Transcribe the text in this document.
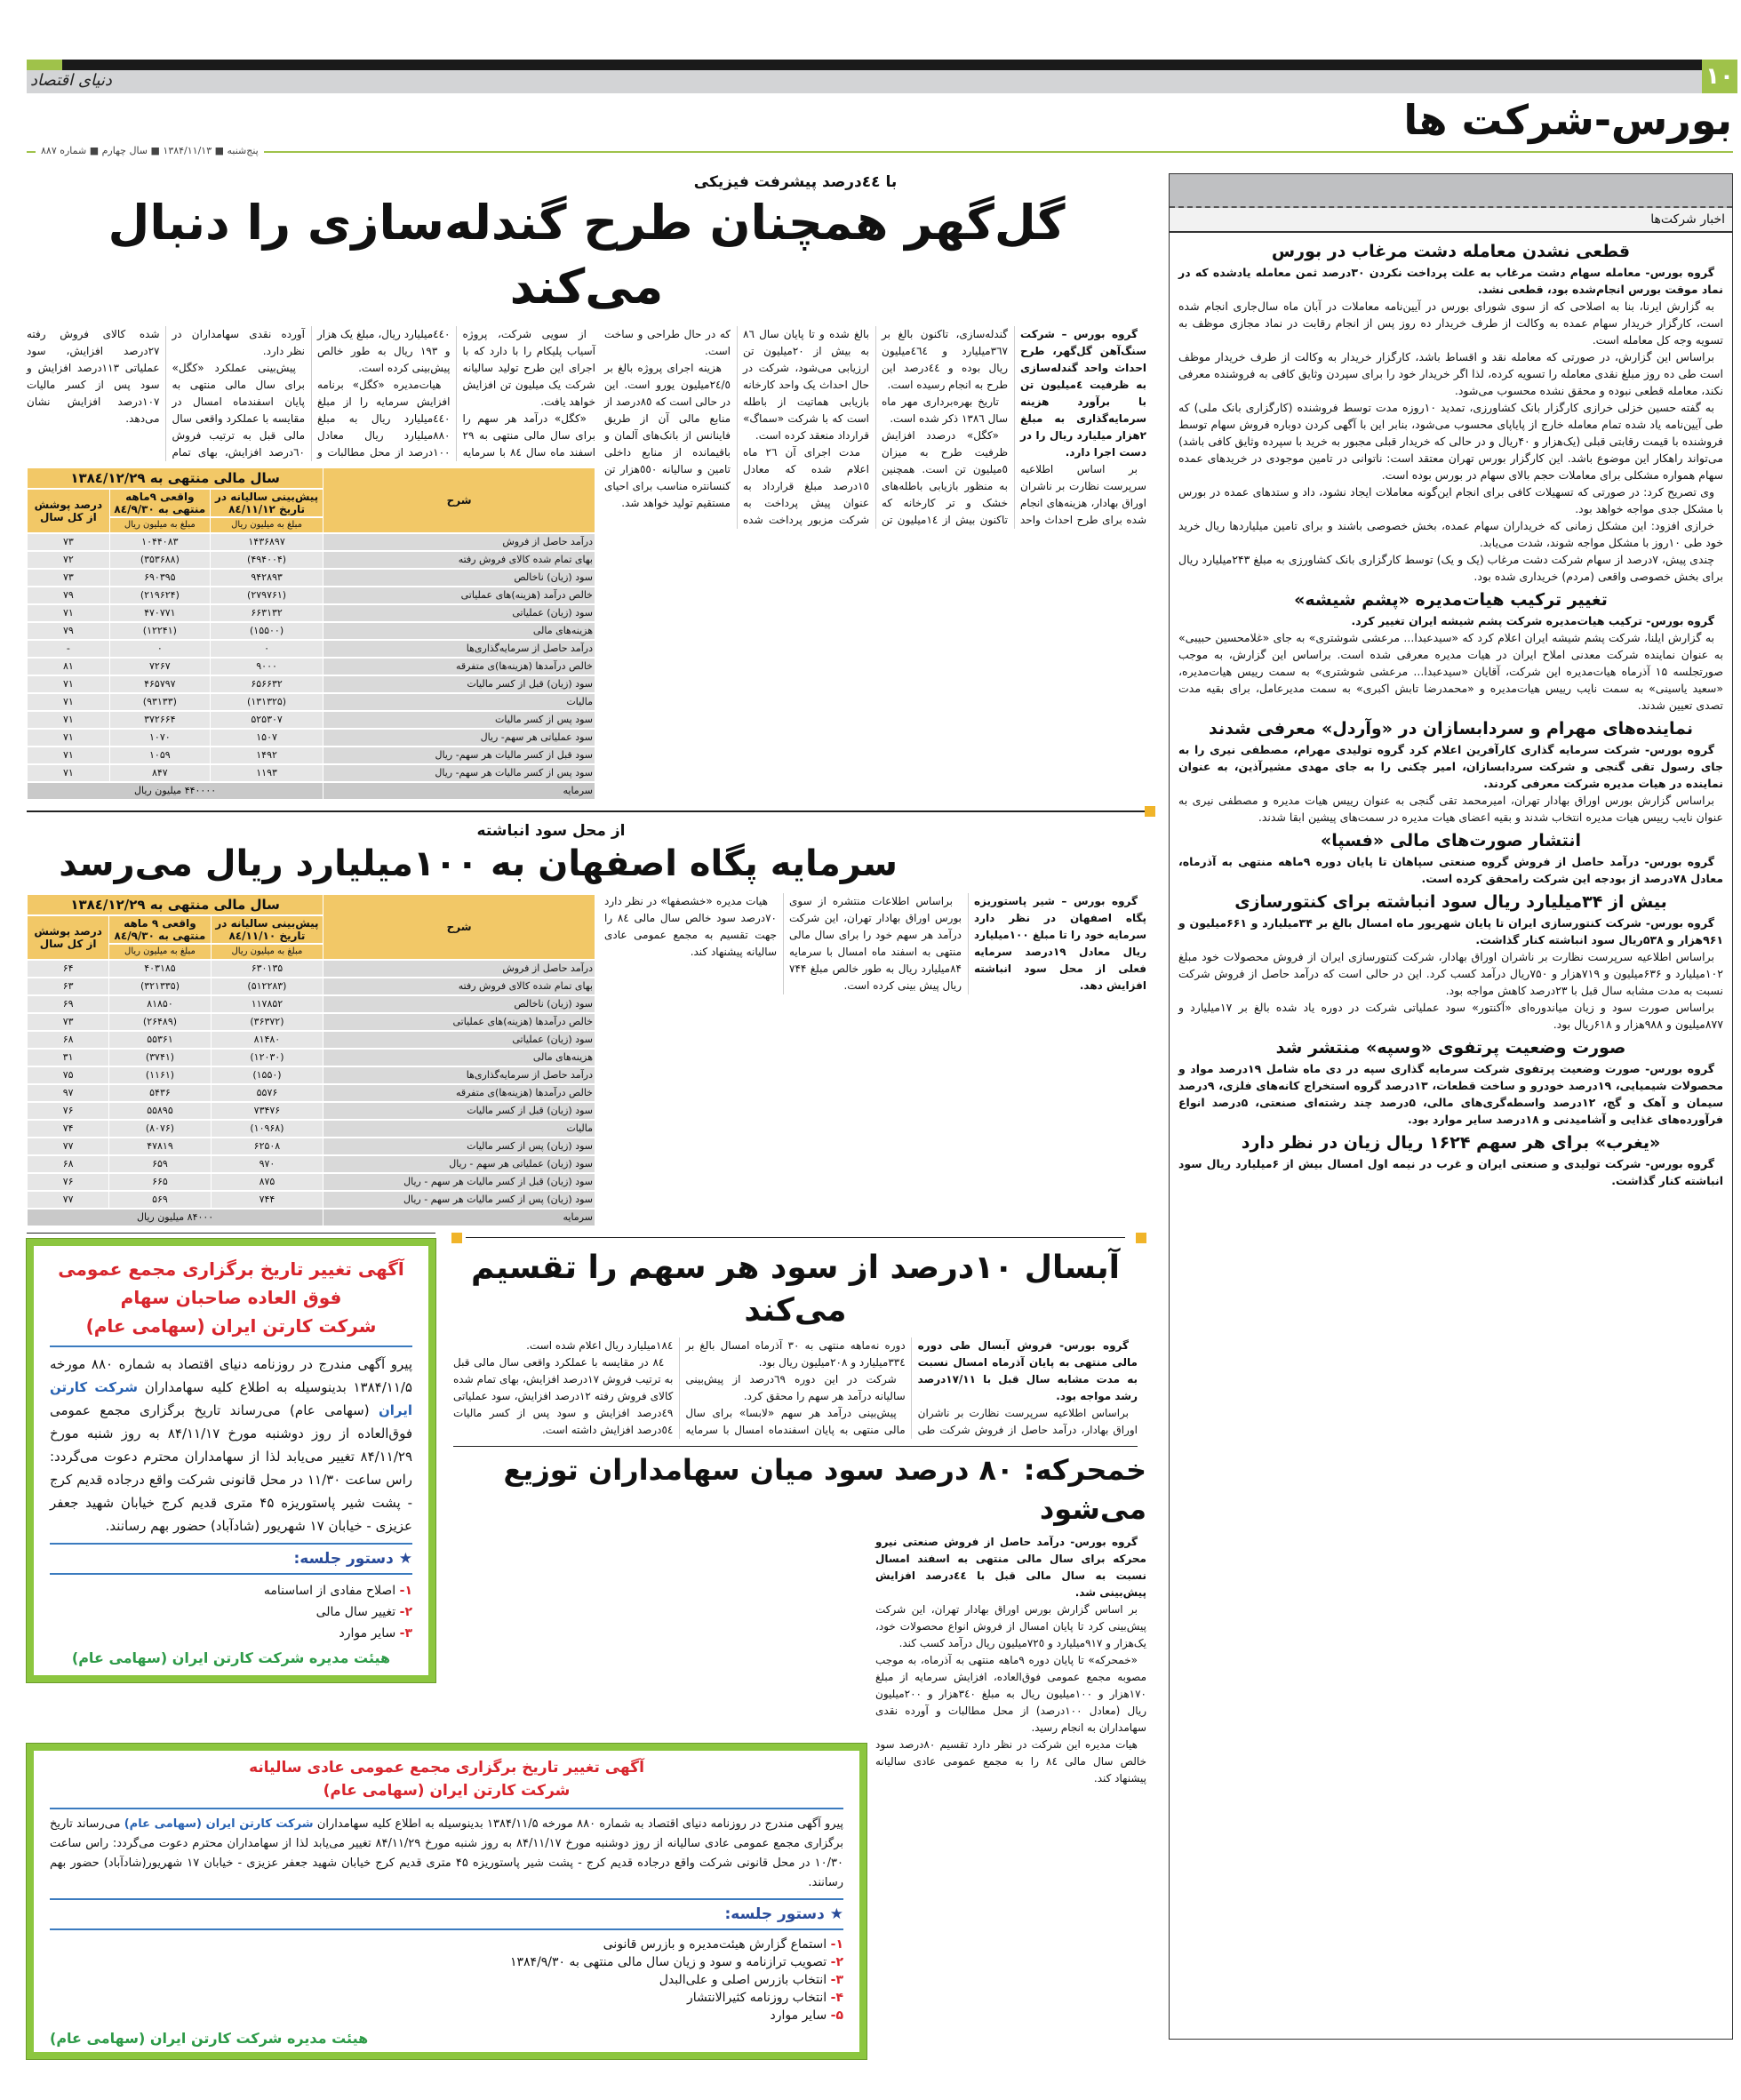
دنیای اقتصاد	۱۰
بورس-شرکت ها
پنج‌شنبه ■ ۱۳۸۴/۱۱/۱۳ ■ سال چهارم ■ شماره ۸۸۷
اخبار شرکت‌ها
قطعی نشدن معامله دشت مرغاب در بورس

گروه بورس- معامله سهام دشت مرغاب به علت پرداخت نکردن ۳۰درصد ثمن معامله یادشده که در نماد موقت بورس انجام‌شده بود، قطعی نشد.

به گزارش ایرنا، بنا به اصلاحی که از سوی شورای بورس در آیین‌نامه معاملات در آبان ماه سال‌جاری انجام شده است، کارگزار خریدار سهام عمده به وکالت از طرف خریدار ده روز پس از انجام رقابت در نماد مجازی موظف به تسویه وجه کل معامله است.

براساس این گزارش، در صورتی که معامله نقد و اقساط باشد، کارگزار خریدار به وکالت از طرف خریدار موظف است طی ده روز مبلغ نقدی معامله را تسویه کرده، لذا اگر خریدار خود را برای سپردن وثایق کافی به فروشنده معرفی نکند، معامله قطعی نبوده و محقق نشده محسوب می‌شود.

به گفته حسین خزلی خرازی کارگزار بانک کشاورزی، تمدید ۱۰روزه مدت توسط فروشنده (کارگزاری بانک ملی) که طی آیین‌نامه یاد شده تمام معامله خارج از پایاپای محسوب می‌شود، بنابر این با آگهی کردن دوباره فروش سهام توسط فروشنده با قیمت رقابتی قبلی (یک‌هزار و ۴۰ریال و در حالی که خریدار قبلی مجبور به خرید با سپرده وثایق کافی باشد) می‌تواند راهکار این موضوع باشد. این کارگزار بورس تهران معتقد است: ناتوانی در تامین موجودی در خریدهای عمده سهام همواره مشکلی برای معاملات حجم بالای سهام در بورس بوده است.

وی تصریح کرد: در صورتی که تسهیلات کافی برای انجام این‌گونه معاملات ایجاد نشود، داد و ستدهای عمده در بورس با مشکل جدی مواجه خواهد بود.

خرازی افزود: این مشکل زمانی که خریداران سهام عمده، بخش خصوصی باشند و برای تامین میلیاردها ریال خرید خود طی ۱۰روز با مشکل مواجه شوند، شدت می‌یابد.

چندی پیش، ۷درصد از سهام شرکت دشت مرغاب (یک و یک) توسط کارگزاری بانک کشاورزی به مبلغ ۲۴۳میلیارد ریال برای بخش خصوصی واقعی (مردم) خریداری شده بود.

تغییر ترکیب هیات‌مدیره «پشم شیشه»

گروه بورس- ترکیب هیات‌مدیره شرکت پشم شیشه ایران تغییر کرد.

به گزارش ایلنا، شرکت پشم شیشه ایران اعلام کرد که «سیدعبدا... مرعشی شوشتری» به جای «غلامحسین حبیبی» به عنوان نماینده شرکت معدنی املاح ایران در هیات مدیره معرفی شده است. براساس این گزارش، به موجب صورتجلسه ۱۵ آذرماه هیات‌مدیره این شرکت، آقایان «سیدعبدا... مرعشی شوشتری» به سمت رییس هیات‌مدیره، «سعید یاسینی» به سمت نایب رییس هیات‌مدیره و «محمدرضا تابش اکبری» به سمت مدیرعامل، برای بقیه مدت تصدی تعیین شدند.

نماینده‌های مهرام و سردابسازان در «وآردل» معرفی شدند

گروه بورس- شرکت سرمایه گذاری کارآفرین اعلام کرد گروه تولیدی مهرام، مصطفی نیری را به جای رسول تقی گنجی و شرکت سردابسازان، امیر چکنی را به جای مهدی مشیرآذین، به عنوان نماینده در هیات مدیره شرکت معرفی کردند.

براساس گزارش بورس اوراق بهادار تهران، امیرمحمد تقی گنجی به عنوان رییس هیات مدیره و مصطفی نیری به عنوان نایب رییس هیات مدیره انتخاب شدند و بقیه اعضای هیات مدیره در سمت‌های پیشین ابقا شدند.

انتشار صورت‌های مالی «فسپا»

گروه بورس- درآمد حاصل از فروش گروه صنعتی سپاهان تا پایان دوره ۹ماهه منتهی به آذرماه، معادل ۷۸درصد از بودجه این شرکت رامحقق کرده است.

بیش از ۳۴میلیارد ریال سود انباشته برای کنتورسازی

گروه بورس- شرکت کنتورسازی ایران تا پایان شهریور ماه امسال بالغ بر ۳۴میلیارد و ۶۶۱میلیون و ۹۶۱هزار و ۵۳۸ریال سود انباشته کنار گذاشت.

براساس اطلاعیه سرپرست نظارت بر ناشران اوراق بهادار، شرکت کنتورسازی ایران از فروش محصولات خود مبلغ ۱۰۲میلیارد و ۶۳۶میلیون و ۷۱۹هزار و ۷۵۰ریال درآمد کسب کرد. این در حالی است که درآمد حاصل از فروش شرکت نسبت به مدت مشابه سال قبل با ۲۳درصد کاهش مواجه بود.

براساس صورت سود و زیان میاندوره‌ای «آکنتور» سود عملیاتی شرکت در دوره یاد شده بالغ بر ۱۷میلیارد و ۸۷۷میلیون و ۹۸۸هزار و ۶۱۸ریال بود.

صورت وضعیت پرتفوی «وسپه» منتشر شد

گروه بورس- صورت وضعیت پرتفوی شرکت سرمایه گذاری سپه در دی ماه شامل ۱۹درصد مواد و محصولات شیمیایی، ۱۹درصد خودرو و ساخت قطعات، ۱۳درصد گروه استخراج کانه‌های فلزی، ۹درصد سیمان و آهک و گچ، ۱۲درصد واسطه‌گری‌های مالی، ۵درصد چند رشته‌ای صنعتی، ۵درصد انواع فرآورده‌های غذایی و آشامیدنی و ۱۸درصد سایر موارد بود.

«یغرب» برای هر سهم ۱۶۲۴ ریال زیان در نظر دارد

گروه بورس- شرکت تولیدی و صنعتی ایران و غرب در نیمه اول امسال بیش از ۶میلیارد ریال سود انباشته کنار گذاشت.

با ٤٤درصد پیشرفت فیزیکی
گل‌گهر همچنان طرح گندله‌سازی را دنبال می‌کند

گروه بورس – شرکت سنگ‌آهن گل‌گهر، طرح احداث واحد گندله‌سازی به ظرفیت ٤میلیون تن با برآورد هزینه سرمایه‌گذاری به مبلغ ۲هزار میلیارد ریال را در دست اجرا دارد.

بر اساس اطلاعیه سرپرست نظارت بر ناشران اوراق بهادار، هزینه‌های انجام شده برای طرح احداث واحد گندله‌سازی، تاکنون بالغ بر ۳٦۷میلیارد و ٤٦٤میلیون ریال بوده و ٤٤درصد این طرح به انجام رسیده است.

تاریخ بهره‌برداری مهر ماه سال ۱۳۸٦ ذکر شده است.

«کگل» درصدد افزایش ظرفیت طرح به میزان ٥میلیون تن است. همچنین به منظور بازیابی باطله‌های خشک و تر کارخانه که تاکنون بیش از ١٤میلیون تن بالغ شده و تا پایان سال ۸٦ به بیش از ۲۰میلیون تن ارزیابی می‌شود، شرکت در حال احداث یک واحد کارخانه بازیابی هماتیت از باطله است که با شرکت «سماگ» قرارداد منعقد کرده است.

مدت اجرای آن ۲٦ ماه اعلام شده که معادل ۱٥درصد مبلغ قرارداد به عنوان پیش پرداخت به شرکت مزبور پرداخت شده که در حال طراحی و ساخت است.

هزینه اجرای پروژه بالغ بر ٢٤/٥میلیون یورو است. این در حالی است که ۸٥درصد از منابع مالی آن از طریق فاینانس از بانک‌های آلمان و باقیمانده از منابع داخلی تامین و سالیانه ٥٥۰هزار تن کنسانتره مناسب برای احیای مستقیم تولید خواهد شد.

از سویی شرکت، پروژه آسیاب پلیکام را با دارد که با اجرای این طرح تولید سالیانه شرکت یک میلیون تن افزایش خواهد یافت.

«کگل» درآمد هر سهم را برای سال مالی منتهی به ۲۹ اسفند ماه سال ۸٤ با سرمایه ٤٤۰میلیارد ریال، مبلغ یک هزار و ۱۹۳ ریال به طور خالص پیش‌بینی کرده است.

هیات‌مدیره «کگل» برنامه افزایش سرمایه را از مبلغ ٤٤۰میلیارد ریال به مبلغ ۸۸۰میلیارد ریال معادل ۱۰۰درصد از محل مطالبات و آورده نقدی سهامداران در نظر دارد.

پیش‌بینی عملکرد «کگل» برای سال مالی منتهی به پایان اسفندماه امسال در مقایسه با عملکرد واقعی سال مالی قبل به ترتیب فروش ٦۰درصد افزایش، بهای تمام شده کالای فروش رفته ۲۷درصد افزایش، سود عملیاتی ۱۱۳درصد افزایش و سود پس از کسر مالیات ۱۰۷درصد افزایش نشان می‌دهد.

شرح	سال مالی منتهی به ۱۳۸٤/۱۲/۲۹		
	پیش‌بینی سالیانه در تاریخ ۸٤/۱۱/۱۲	واقعی ۹ماهه منتهی به ۸٤/۹/۳۰	درصد پوشش از کل سال
	مبلغ به میلیون ریال	مبلغ به میلیون ریال	
درآمد حاصل از فروش	۱۴۳۶۸۹۷	۱۰۴۴۰۸۳	۷۳
بهای تمام شده کالای فروش رفته	(۴۹۴۰۰۴)	(۳۵۳۶۸۸)	۷۲
سود (زیان) ناخالص	۹۴۲۸۹۳	۶۹۰۳۹۵	۷۳
خالص درآمد (هزینه)های عملیاتی	(۲۷۹۷۶۱)	(۲۱۹۶۲۴)	۷۹
سود (زیان) عملیاتی	۶۶۳۱۳۲	۴۷۰۷۷۱	۷۱
هزینه‌های مالی	(۱۵۵۰۰)	(۱۲۲۴۱)	۷۹
درآمد حاصل از سرمایه‌گذاری‌ها	۰	۰	-
خالص درآمدها (هزینه‌ها)ی متفرقه	۹۰۰۰	۷۲۶۷	۸۱
سود (زیان) قبل از کسر مالیات	۶۵۶۶۳۲	۴۶۵۷۹۷	۷۱
مالیات	(۱۳۱۳۲۵)	(۹۳۱۳۳)	۷۱
سود پس از کسر مالیات	۵۲۵۳۰۷	۳۷۲۶۶۴	۷۱
سود عملیاتی هر سهم- ریال	۱۵۰۷	۱۰۷۰	۷۱
سود قبل از کسر مالیات هر سهم- ریال	۱۴۹۲	۱۰۵۹	۷۱
سود پس از کسر مالیات هر سهم- ریال	۱۱۹۳	۸۴۷	۷۱
سرمایه	۴۴۰۰۰۰ میلیون ریال		
از محل سود انباشته
سرمایه پگاه اصفهان به ۱۰۰میلیارد ریال می‌رسد

گروه بورس – شیر پاستوریزه پگاه اصفهان در نظر دارد سرمایه خود را تا مبلغ ۱۰۰میلیارد ریال معادل ۱۹درصد سرمایه فعلی از محل سود انباشته افزایش دهد.

براساس اطلاعات منتشره از سوی بورس اوراق بهادار تهران، این شرکت درآمد هر سهم خود را برای سال مالی منتهی به اسفند ماه امسال با سرمایه ۸۴میلیارد ریال به طور خالص مبلغ ۷۴۴ ریال پیش بینی کرده است.

هیات مدیره «خشصفها» در نظر دارد ۷۰درصد سود خالص سال مالی ۸٤ را جهت تقسیم به مجمع عمومی عادی سالیانه پیشنهاد کند.

شرح	سال مالی منتهی به ۱۳۸٤/۱۲/۲۹		
	پیش‌بینی سالیانه در تاریخ ۸٤/۱۱/۱۰	واقعی ۹ ماهه منتهی به ۸٤/۹/۳۰	درصد پوشش از کل سال
	مبلغ به میلیون ریال	مبلغ به میلیون ریال	
درآمد حاصل از فروش	۶۳۰۱۳۵	۴۰۳۱۸۵	۶۴
بهای تمام شده کالای فروش رفته	(۵۱۲۲۸۳)	(۳۲۱۳۳۵)	۶۳
سود (زیان) ناخالص	۱۱۷۸۵۲	۸۱۸۵۰	۶۹
خالص درآمدها (هزینه)های عملیاتی	(۳۶۳۷۲)	(۲۶۴۸۹)	۷۳
سود (زیان) عملیاتی	۸۱۴۸۰	۵۵۳۶۱	۶۸
هزینه‌های مالی	(۱۲۰۳۰)	(۳۷۴۱)	۳۱
درآمد حاصل از سرمایه‌گذاری‌ها	(۱۵۵۰)	(۱۱۶۱)	۷۵
خالص درآمدها (هزینه‌ها)ی متفرقه	۵۵۷۶	۵۴۳۶	۹۷
سود (زیان) قبل از کسر مالیات	۷۳۴۷۶	۵۵۸۹۵	۷۶
مالیات	(۱۰۹۶۸)	(۸۰۷۶)	۷۴
سود (زیان) پس از کسر مالیات	۶۲۵۰۸	۴۷۸۱۹	۷۷
سود (زیان) عملیاتی هر سهم - ریال	۹۷۰	۶۵۹	۶۸
سود (زیان) قبل از کسر مالیات هر سهم - ریال	۸۷۵	۶۶۵	۷۶
سود (زیان) پس از کسر مالیات هر سهم - ریال	۷۴۴	۵۶۹	۷۷
سرمایه	۸۴۰۰۰ میلیون ریال		
آگهی تغییر تاریخ برگزاری مجمع عمومی
فوق العاده صاحبان سهام
شرکت کارتن ایران (سهامی عام)
پیرو آگهی مندرج در روزنامه دنیای اقتصاد به شماره ۸۸۰ مورخه ۱۳۸۴/۱۱/۵ بدینوسیله به اطلاع کلیه سهامداران شرکت کارتن ایران (سهامی عام) می‌رساند تاریخ برگزاری مجمع عمومی فوق‌العاده از روز دوشنبه مورخ ۸۴/۱۱/۱۷ به روز شنبه مورخ ۸۴/۱۱/۲۹ تغییر می‌یابد لذا از سهامداران محترم دعوت می‌گردد: راس ساعت ۱۱/۳۰ در محل قانونی شرکت واقع درجاده قدیم کرج - پشت شیر پاستوریزه ۴۵ متری قدیم کرج خیابان شهید جعفر عزیزی - خیابان ۱۷ شهریور (شادآباد) حضور بهم رسانند.
★ دستور جلسه:
۱- اصلاح مفادی از اساسنامه
۲- تغییر سال مالی
۳- سایر موارد
هیئت مدیره شرکت کارتن ایران (سهامی عام)
آبسال ۱۰درصد از سود هر سهم را تقسیم می‌کند

گروه بورس- فروش آبسال طی دوره مالی منتهی به پایان آذرماه امسال نسبت به مدت مشابه سال قبل با ۱۷/۱۱درصد رشد مواجه بود.

براساس اطلاعیه سرپرست نظارت بر ناشران اوراق بهادار، درآمد حاصل از فروش شرکت طی دوره نه‌ماهه منتهی به ۳۰ آذرماه امسال بالغ بر ۳۳٤میلیارد و ۲۰۸میلیون ریال بود.

شرکت در این دوره ٦۹درصد از پیش‌بینی سالیانه درآمد هر سهم را محقق کرد.

پیش‌بینی درآمد هر سهم «لابسا» برای سال مالی منتهی به پایان اسفندماه امسال با سرمایه ۱۸٤میلیارد ریال اعلام شده است.

۸٤ در مقایسه با عملکرد واقعی سال مالی قبل به ترتیب فروش ۱۷درصد افزایش، بهای تمام شده کالای فروش رفته ۱۲درصد افزایش، سود عملیاتی ٤۹درصد افزایش و سود پس از کسر مالیات ٥٤درصد افزایش داشته است.

خمحرکه: ۸۰ درصد سود میان سهامداران توزیع می‌شود

گروه بورس- درآمد حاصل از فروش صنعتی نیرو محرکه برای سال مالی منتهی به اسفند امسال نسبت به سال مالی قبل با ٤٤درصد افزایش پیش‌بینی شد.

بر اساس گزارش بورس اوراق بهادار تهران، این شرکت پیش‌بینی کرد تا پایان امسال از فروش انواع محصولات خود، یک‌هزار و ۹۱۷میلیارد و ۷۲٥میلیون ریال درآمد کسب کند.

«خمحرکه» تا پایان دوره ۹ماهه منتهی به آذرماه، به موجب مصوبه مجمع عمومی فوق‌العاده، افزایش سرمایه از مبلغ ۱۷۰هزار و ۱۰۰میلیون ریال به مبلغ ۳٤۰هزار و ۲۰۰میلیون ریال (معادل ۱۰۰درصد) از محل مطالبات و آورده نقدی سهامداران به انجام رسید.

هیات مدیره این شرکت در نظر دارد تقسیم ۸۰درصد سود خالص سال مالی ۸٤ را به مجمع عمومی عادی سالیانه پیشنهاد کند.

آگهی تغییر تاریخ برگزاری مجمع عمومی عادی سالیانه
شرکت کارتن ایران (سهامی عام)
پیرو آگهی مندرج در روزنامه دنیای اقتصاد به شماره ۸۸۰ مورخه ۱۳۸۴/۱۱/۵ بدینوسیله به اطلاع کلیه سهامداران شرکت کارتن ایران (سهامی عام) می‌رساند تاریخ برگزاری مجمع عمومی عادی سالیانه از روز دوشنبه مورخ ۸۴/۱۱/۱۷ به روز شنبه مورخ ۸۴/۱۱/۲۹ تغییر می‌یابد لذا از سهامداران محترم دعوت می‌گردد: راس ساعت ۱۰/۳۰ در محل قانونی شرکت واقع درجاده قدیم کرج - پشت شیر پاستوریزه ۴۵ متری قدیم کرج خیابان شهید جعفر عزیزی - خیابان ۱۷ شهریور(شادآباد) حضور بهم رسانند.
★ دستور جلسه:
۱- استماع گزارش هیئت‌مدیره و بازرس قانونی
۲- تصویب ترازنامه و سود و زیان سال مالی منتهی به ۱۳۸۴/۹/۳۰
۳- انتخاب بازرس اصلی و علی‌البدل
۴- انتخاب روزنامه کثیرالانتشار
۵- سایر موارد
هیئت مدیره شرکت کارتن ایران (سهامی عام)
